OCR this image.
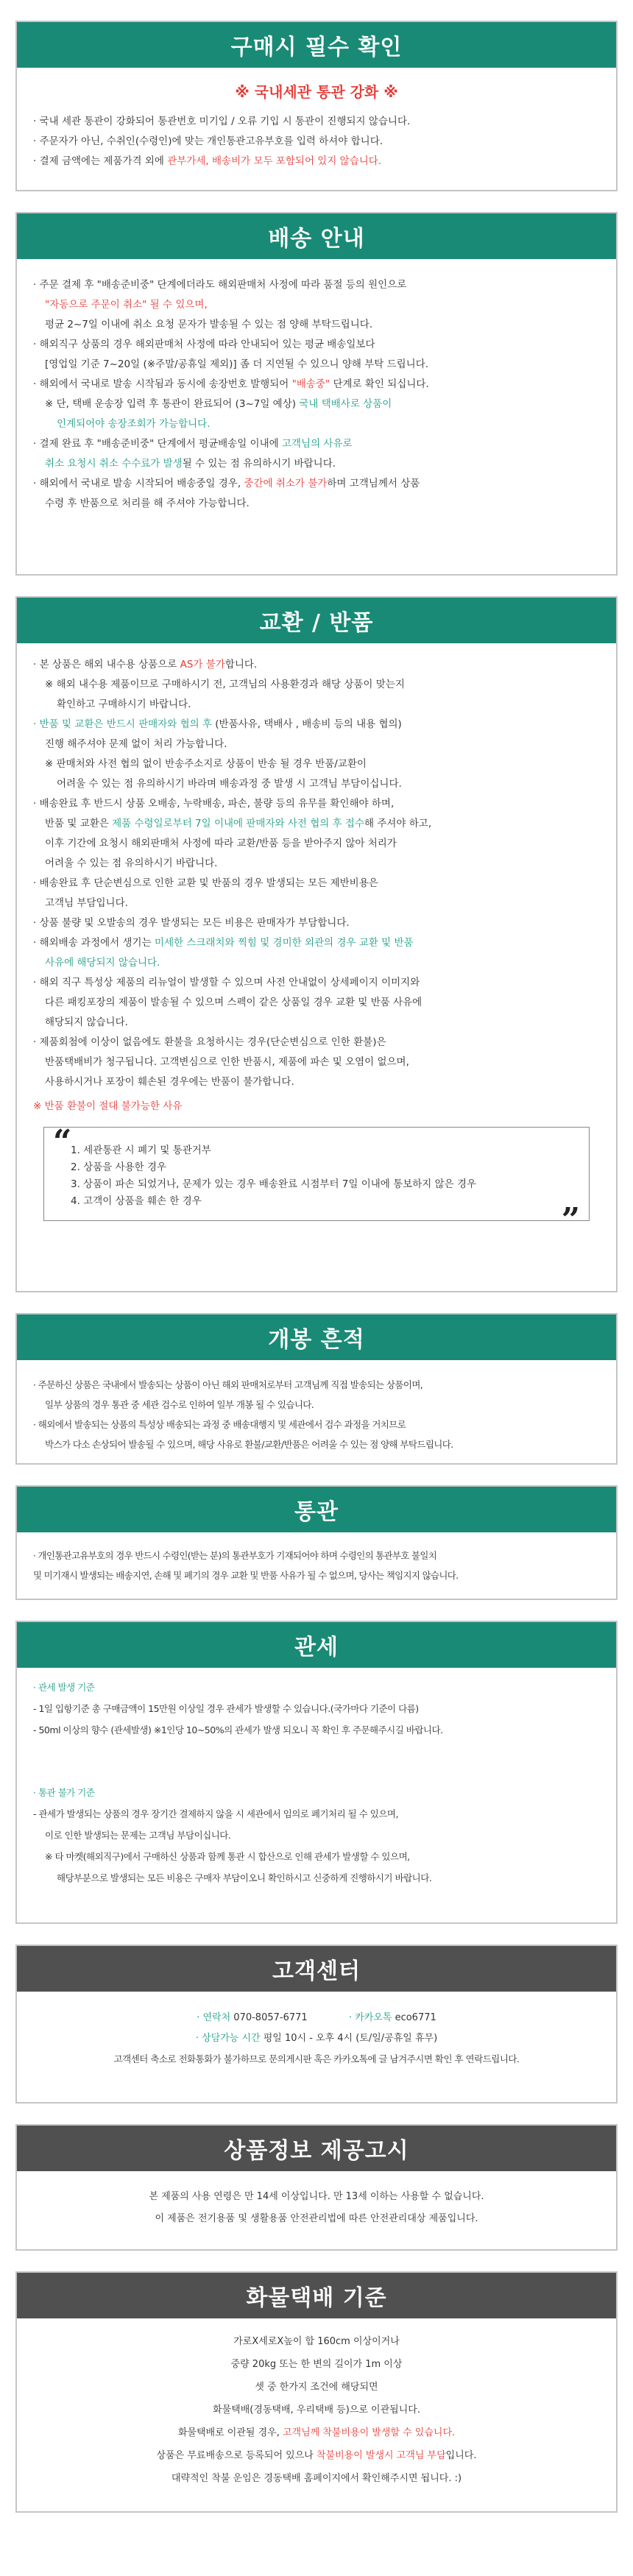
구매시 필수 확인
※ 국내세관 통관 강화 ※
· 국내 세관 통관이 강화되어 통관번호 미기입 / 오류 기입 시 통관이 진행되지 않습니다.
· 주문자가 아닌, 수취인(수령인)에 맞는 개인통관고유부호를 입력 하셔야 합니다.
· 결제 금액에는 제품가격 외에 관부가세, 배송비가 모두 포함되어 있지 않습니다.
배송 안내
· 주문 결제 후 "배송준비중" 단계에더라도 해외판매처 사정에 따라 품절 등의 원인으로
"자동으로 주문이 취소" 될 수 있으며,
평균 2~7일 이내에 취소 요청 문자가 발송될 수 있는 점 양해 부탁드립니다.
· 해외직구 상품의 경우 해외판매처 사정에 따라 안내되어 있는 평균 배송일보다
[영업일 기준 7~20일 (※주말/공휴일 제외)] 좀 더 지연될 수 있으니 양해 부탁 드립니다.
· 해외에서 국내로 발송 시작됨과 동시에 송장번호 발행되어 "배송중" 단계로 확인 되십니다.
※ 단, 택배 운송장 입력 후 통관이 완료되어 (3~7일 예상) 국내 택배사로 상품이
인계되어야 송장조회가 가능합니다.
· 결제 완료 후 "배송준비중" 단계에서 평균배송일 이내에 고객님의 사유로
취소 요청시 취소 수수료가 발생될 수 있는 점 유의하시기 바랍니다.
· 해외에서 국내로 발송 시작되어 배송중일 경우, 중간에 취소가 불가하며 고객님께서 상품
수령 후 반품으로 처리를 해 주셔야 가능합니다.
교환 / 반품
· 본 상품은 해외 내수용 상품으로 AS가 불가합니다.
※ 해외 내수용 제품이므로 구매하시기 전, 고객님의 사용환경과 해당 상품이 맞는지
확인하고 구매하시기 바랍니다.
· 반품 및 교환은 반드시 판매자와 협의 후 (반품사유, 택배사 , 배송비 등의 내용 협의)
진행 해주셔야 문제 없이 처리 가능합니다.
※ 판매처와 사전 협의 없이 반송주소지로 상품이 반송 될 경우 반품/교환이
어려울 수 있는 점 유의하시기 바라며 배송과정 중 발생 시 고객님 부담이십니다.
· 배송완료 후 반드시 상품 오배송, 누락배송, 파손, 불량 등의 유무를 확인해야 하며,
반품 및 교환은 제품 수령일로부터 7일 이내에 판매자와 사전 협의 후 접수해 주셔야 하고,
이후 기간에 요청시 해외판매처 사정에 따라 교환/반품 등을 받아주지 않아 처리가
어려울 수 있는 점 유의하시기 바랍니다.
· 배송완료 후 단순변심으로 인한 교환 및 반품의 경우 발생되는 모든 제반비용은
고객님 부담입니다.
· 상품 불량 및 오발송의 경우 발생되는 모든 비용은 판매자가 부담합니다.
· 해외배송 과정에서 생기는 미세한 스크래치와 찍힘 및 경미한 외관의 경우 교환 및 반품
사유에 해당되지 않습니다.
· 해외 직구 특성상 제품의 리뉴얼이 발생할 수 있으며 사전 안내없이 상세페이지 이미지와
다른 패킹포장의 제품이 발송될 수 있으며 스펙이 같은 상품일 경우 교환 및 반품 사유에
해당되지 않습니다.
· 제품회첨에 이상이 없음에도 환불을 요청하시는 경우(단순변심으로 인한 환불)은
반품택배비가 청구됩니다. 고객변심으로 인한 반품시, 제품에 파손 및 오염이 없으며,
사용하시거나 포장이 훼손된 경우에는 반품이 불가합니다.
※ 반품 환불이 절대 불가능한 사유
“
1. 세관통관 시 폐기 및 통관거부
2. 상품을 사용한 경우
3. 상품이 파손 되었거나, 문제가 있는 경우 배송완료 시점부터 7일 이내에 통보하지 않은 경우
4. 고객이 상품을 훼손 한 경우	”
개봉 흔적
· 주문하신 상품은 국내에서 발송되는 상품이 아닌 해외 판매처로부터 고객님께 직접 발송되는 상품이며,
일부 상품의 경우 통관 중 세관 검수로 인하여 일부 개봉 될 수 있습니다.
· 해외에서 발송되는 상품의 특성상 배송되는 과정 중 배송대행지 및 세관에서 검수 과정을 거치므로
박스가 다소 손상되어 발송될 수 있으며, 해당 사유로 환불/교환/반품은 어려울 수 있는 점 양해 부탁드립니다.
통관
· 개인통관고유부호의 경우 반드시 수령인(받는 분)의 통관부호가 기재되어야 하며 수령인의 통관부호 불일치
및 미기재시 발생되는 배송지연, 손해 및 폐기의 경우 교환 및 반품 사유가 될 수 없으며, 당사는 책임지지 않습니다.
관세
· 관세 발생 기준
- 1일 입항기준 총 구매금액이 15만원 이상일 경우 관세가 발생할 수 있습니다.(국가마다 기준이 다름)
- 50ml 이상의 향수 (관세발생) ※1인당 10~50%의 관세가 발생 되오니 꼭 확인 후 주문해주시길 바랍니다.
· 통관 불가 기준
- 관세가 발생되는 상품의 경우 장기간 결제하지 않을 시 세관에서 임의로 폐기처리 될 수 있으며,
이로 인한 발생되는 문제는 고객님 부담이십니다.
※ 타 마켓(해외직구)에서 구매하신 상품과 함께 통관 시 합산으로 인해 관세가 발생할 수 있으며,
해당부분으로 발생되는 모든 비용은 구매자 부담이오니 확인하시고 신중하게 진행하시기 바랍니다.
고객센터
· 연락처 070-8057-6771	· 카카오톡 eco6771
· 상담가능 시간 평일 10시 - 오후 4시 (토/일/공휴일 휴무)
고객센터 축소로 전화통화가 불가하므로 문의게시판 혹은 카카오톡에 글 남겨주시면 확인 후 연락드립니다.
상품정보 제공고시
본 제품의 사용 연령은 만 14세 이상입니다. 만 13세 이하는 사용할 수 없습니다.
이 제품은 전기용품 및 생활용품 안전관리법에 따른 안전관리대상 제품입니다.
화물택배 기준
가로X세로X높이 합 160cm 이상이거나
중량 20kg 또는 한 변의 길이가 1m 이상
셋 중 한가지 조건에 해당되면
화물택배(경동택배, 우리택배 등)으로 이관됩니다.
화물택배로 이관될 경우, 고객님께 착불비용이 발생할 수 있습니다.
상품은 무료배송으로 등록되어 있으나 착불비용이 발생시 고객님 부담입니다.
대략적인 착불 운임은 경동택배 홈페이지에서 확인해주시면 됩니다. :)
